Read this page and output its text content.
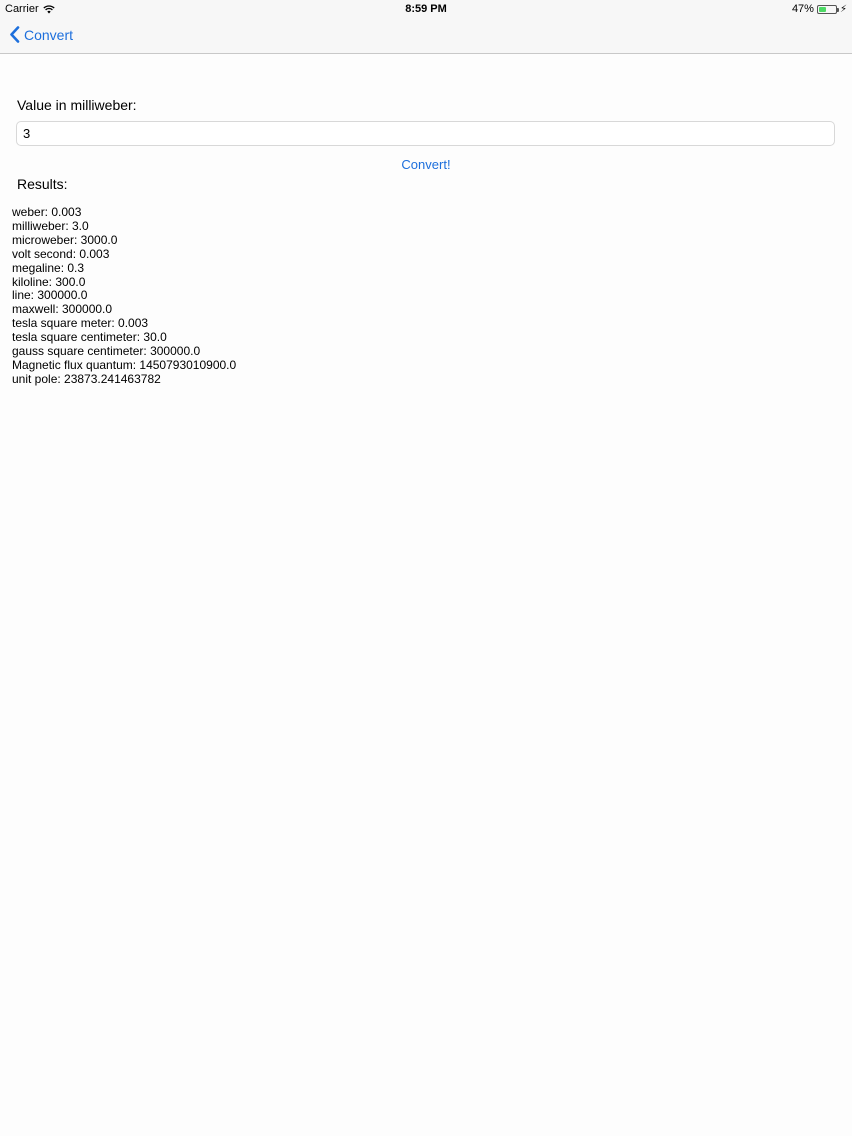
Carrier	8:59 PM	47%	⚡︎
Convert
Value in milliweber:
3
Convert!
Results:
weber: 0.003
milliweber: 3.0
microweber: 3000.0
volt second: 0.003
megaline: 0.3
kiloline: 300.0
line: 300000.0
maxwell: 300000.0
tesla square meter: 0.003
tesla square centimeter: 30.0
gauss square centimeter: 300000.0
Magnetic flux quantum: 1450793010900.0
unit pole: 23873.241463782
